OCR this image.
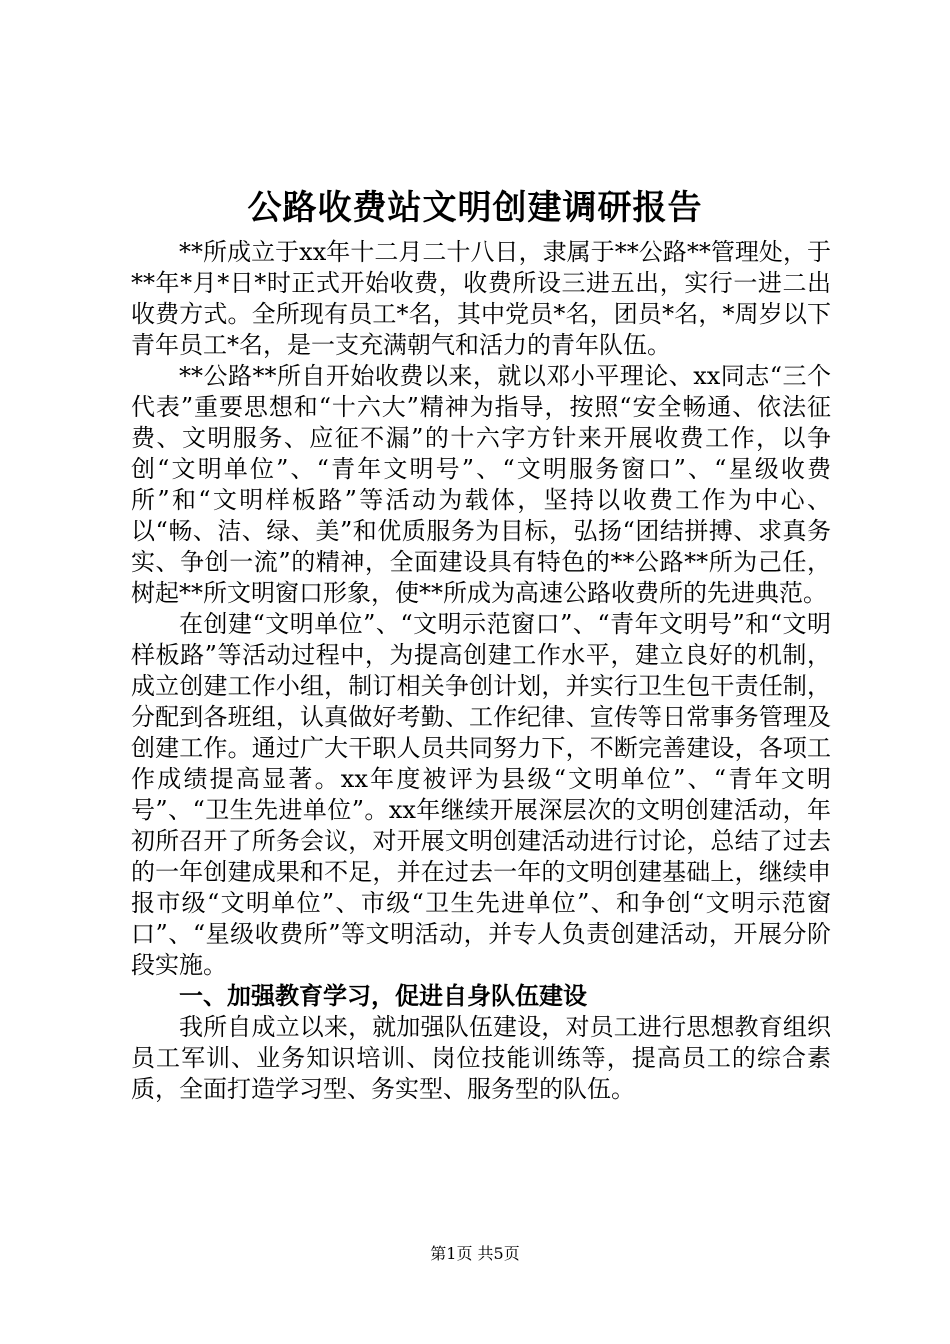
公路收费站文明创建调研报告

**所成立于xx年十二月二十八日，隶属于**公路**管理处，于**年*月*日*时正式开始收费，收费所设三进五出，实行一进二出收费方式。全所现有员工*名，其中党员*名，团员*名，*周岁以下青年员工*名，是一支充满朝气和活力的青年队伍。

**公路**所自开始收费以来，就以邓小平理论、xx同志“三个代表”重要思想和“十六大”精神为指导，按照“安全畅通、依法征费、文明服务、应征不漏”的十六字方针来开展收费工作，以争创“文明单位”、“青年文明号”、“文明服务窗口”、“星级收费所”和“文明样板路”等活动为载体，坚持以收费工作为中心、以“畅、洁、绿、美”和优质服务为目标，弘扬“团结拼搏、求真务实、争创一流”的精神，全面建设具有特色的**公路**所为己任，树起**所文明窗口形象，使**所成为高速公路收费所的先进典范。

在创建“文明单位”、“文明示范窗口”、“青年文明号”和“文明样板路”等活动过程中，为提高创建工作水平，建立良好的机制，成立创建工作小组，制订相关争创计划，并实行卫生包干责任制，分配到各班组，认真做好考勤、工作纪律、宣传等日常事务管理及创建工作。通过广大干职人员共同努力下，不断完善建设，各项工作成绩提高显著。xx年度被评为县级“文明单位”、“青年文明号”、“卫生先进单位”。xx年继续开展深层次的文明创建活动，年初所召开了所务会议，对开展文明创建活动进行讨论，总结了过去的一年创建成果和不足，并在过去一年的文明创建基础上，继续申报市级“文明单位”、市级“卫生先进单位”、和争创“文明示范窗口”、“星级收费所”等文明活动，并专人负责创建活动，开展分阶段实施。

一、加强教育学习，促进自身队伍建设

我所自成立以来，就加强队伍建设，对员工进行思想教育组织员工军训、业务知识培训、岗位技能训练等，提高员工的综合素质，全面打造学习型、务实型、服务型的队伍。

第1页 共5页
